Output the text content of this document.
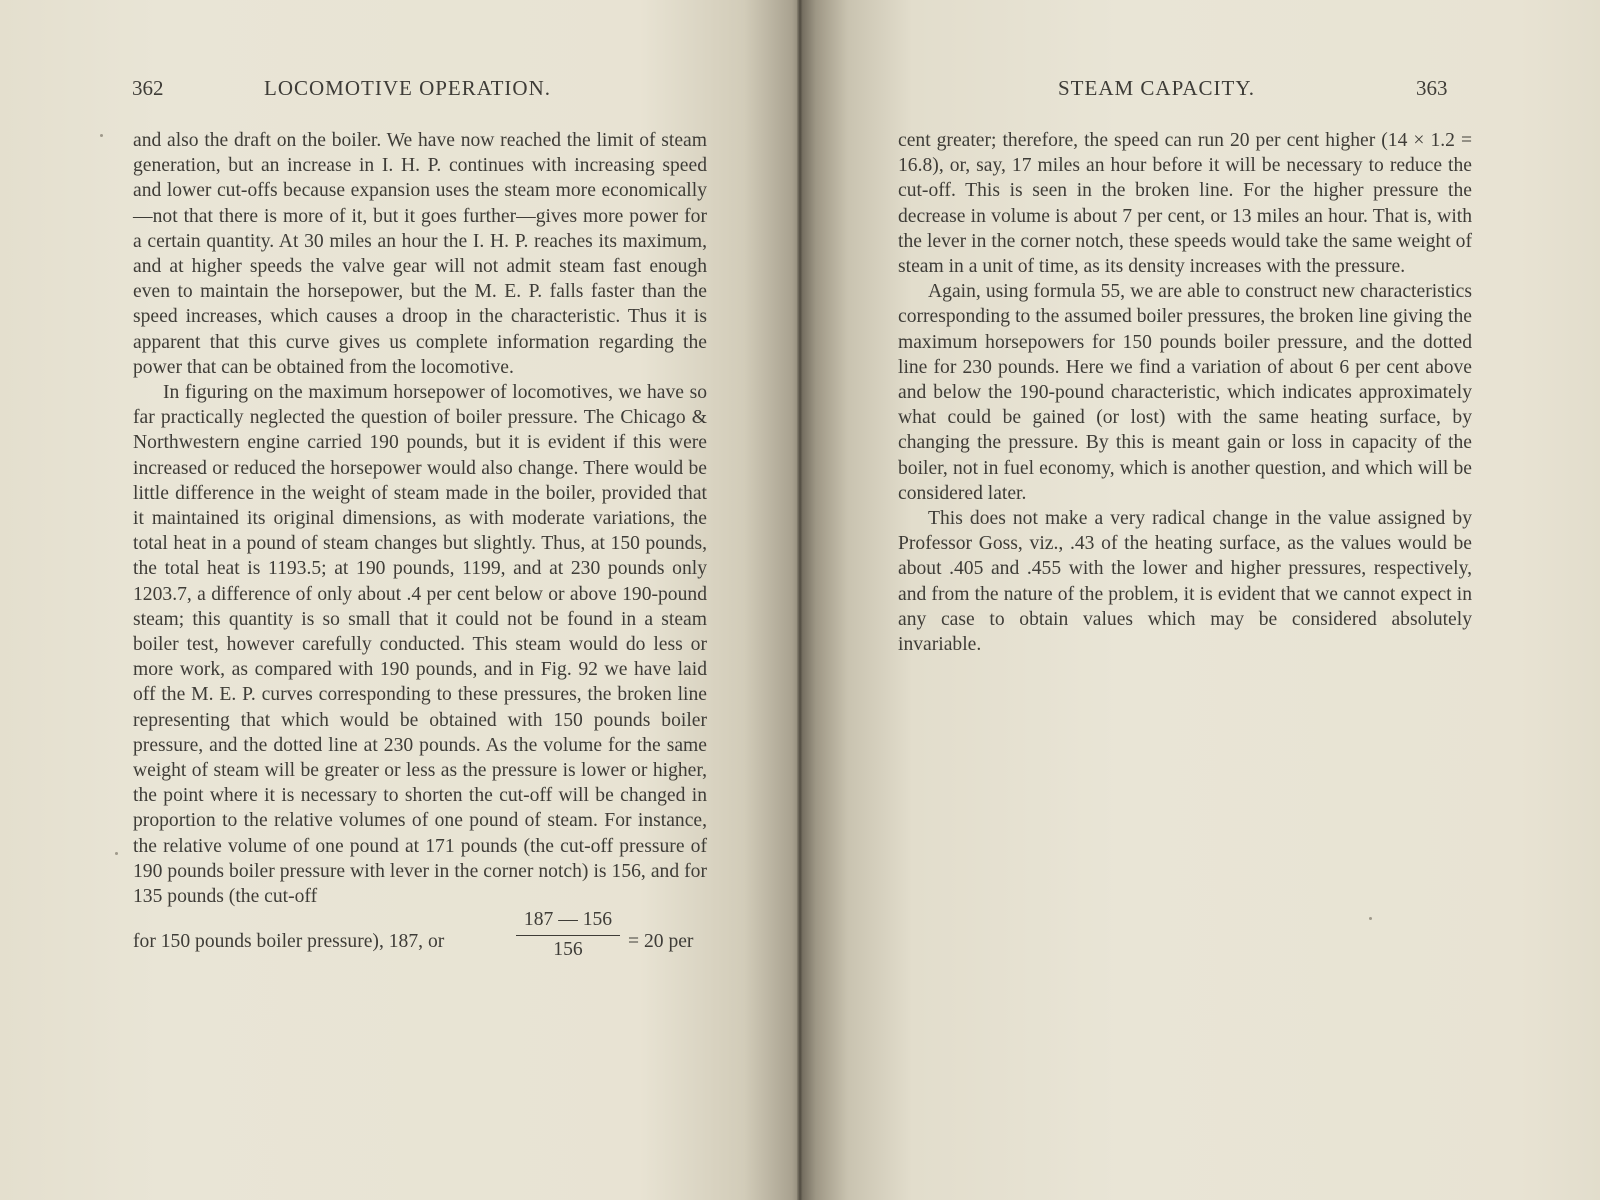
362	LOCOMOTIVE OPERATION.

and also the draft on the boiler. We have now reached the limit of steam generation, but an increase in I. H. P. continues with increasing speed and lower cut-offs because expansion uses the steam more economically—not that there is more of it, but it goes further—gives more power for a certain quantity. At 30 miles an hour the I. H. P. reaches its maximum, and at higher speeds the valve gear will not admit steam fast enough even to maintain the horsepower, but the M. E. P. falls faster than the speed increases, which causes a droop in the characteristic. Thus it is apparent that this curve gives us complete information regarding the power that can be obtained from the locomotive.

In figuring on the maximum horsepower of locomotives, we have so far practically neglected the question of boiler pressure. The Chicago & Northwestern engine carried 190 pounds, but it is evident if this were increased or reduced the horsepower would also change. There would be little difference in the weight of steam made in the boiler, provided that it maintained its original dimensions, as with moderate variations, the total heat in a pound of steam changes but slightly. Thus, at 150 pounds, the total heat is 1193.5; at 190 pounds, 1199, and at 230 pounds only 1203.7, a difference of only about .4 per cent below or above 190-pound steam; this quantity is so small that it could not be found in a steam boiler test, however carefully conducted. This steam would do less or more work, as compared with 190 pounds, and in Fig. 92 we have laid off the M. E. P. curves corresponding to these pressures, the broken line representing that which would be obtained with 150 pounds boiler pressure, and the dotted line at 230 pounds. As the volume for the same weight of steam will be greater or less as the pressure is lower or higher, the point where it is necessary to shorten the cut-off will be changed in proportion to the relative volumes of one pound of steam. For instance, the relative volume of one pound at 171 pounds (the cut-off pressure of 190 pounds boiler pressure with lever in the corner notch) is 156, and for 135 pounds (the cut-off

for 150 pounds boiler pressure), 187, or
187 — 156
156	= 20 per
STEAM CAPACITY.	363

cent greater; therefore, the speed can run 20 per cent higher (14 × 1.2 = 16.8), or, say, 17 miles an hour before it will be necessary to reduce the cut-off. This is seen in the broken line. For the higher pressure the decrease in volume is about 7 per cent, or 13 miles an hour. That is, with the lever in the corner notch, these speeds would take the same weight of steam in a unit of time, as its density increases with the pressure.

Again, using formula 55, we are able to construct new characteristics corresponding to the assumed boiler pressures, the broken line giving the maximum horsepowers for 150 pounds boiler pressure, and the dotted line for 230 pounds. Here we find a variation of about 6 per cent above and below the 190-pound characteristic, which indicates approximately what could be gained (or lost) with the same heating surface, by changing the pressure. By this is meant gain or loss in capacity of the boiler, not in fuel economy, which is another question, and which will be considered later.

This does not make a very radical change in the value assigned by Professor Goss, viz., .43 of the heating surface, as the values would be about .405 and .455 with the lower and higher pressures, respectively, and from the nature of the problem, it is evident that we cannot expect in any case to obtain values which may be considered absolutely invariable.
